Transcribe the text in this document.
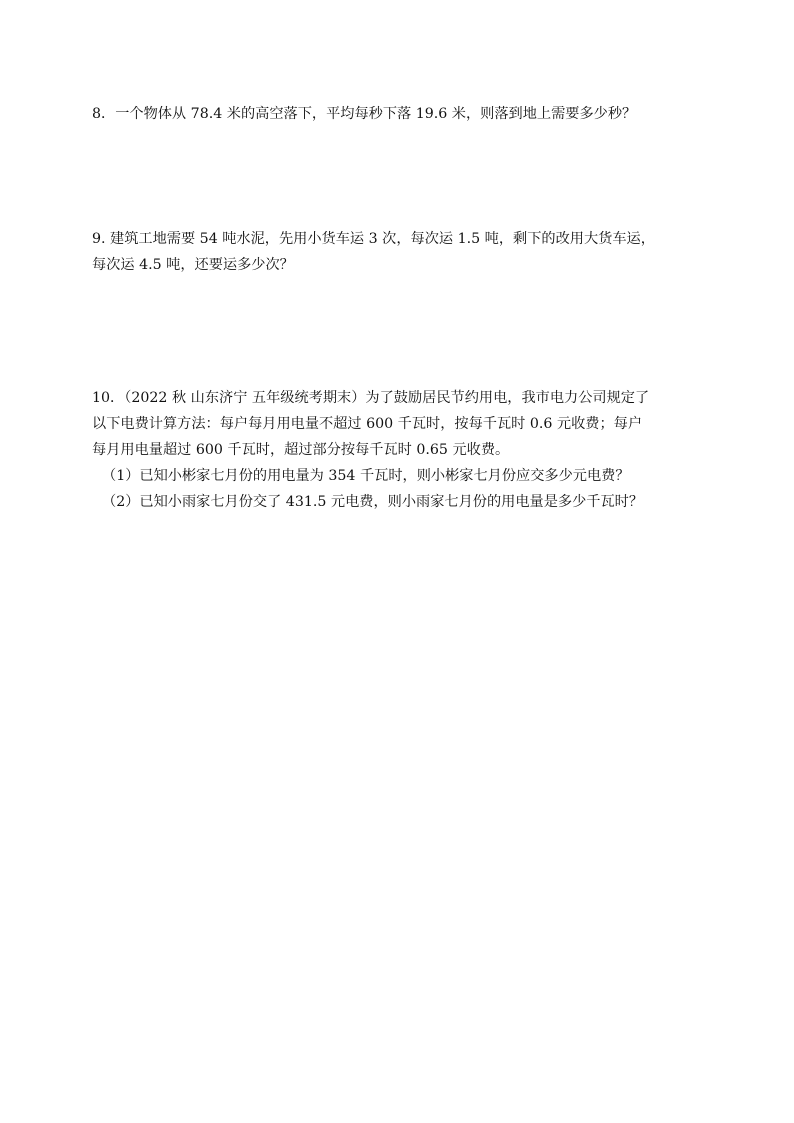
8．一个物体从 78.4 米的高空落下，平均每秒下落 19.6 米，则落到地上需要多少秒？
9. 建筑工地需要 54 吨水泥，先用小货车运 3 次，每次运 1.5 吨，剩下的改用大货车运，
每次运 4.5 吨，还要运多少次？
10．（2022 秋 山东济宁 五年级统考期末）为了鼓励居民节约用电，我市电力公司规定了
以下电费计算方法：每户每月用电量不超过 600 千瓦时，按每千瓦时 0.6 元收费；每户
每月用电量超过 600 千瓦时，超过部分按每千瓦时 0.65 元收费。
（1）已知小彬家七月份的用电量为 354 千瓦时，则小彬家七月份应交多少元电费？
（2）已知小雨家七月份交了 431.5 元电费，则小雨家七月份的用电量是多少千瓦时？
